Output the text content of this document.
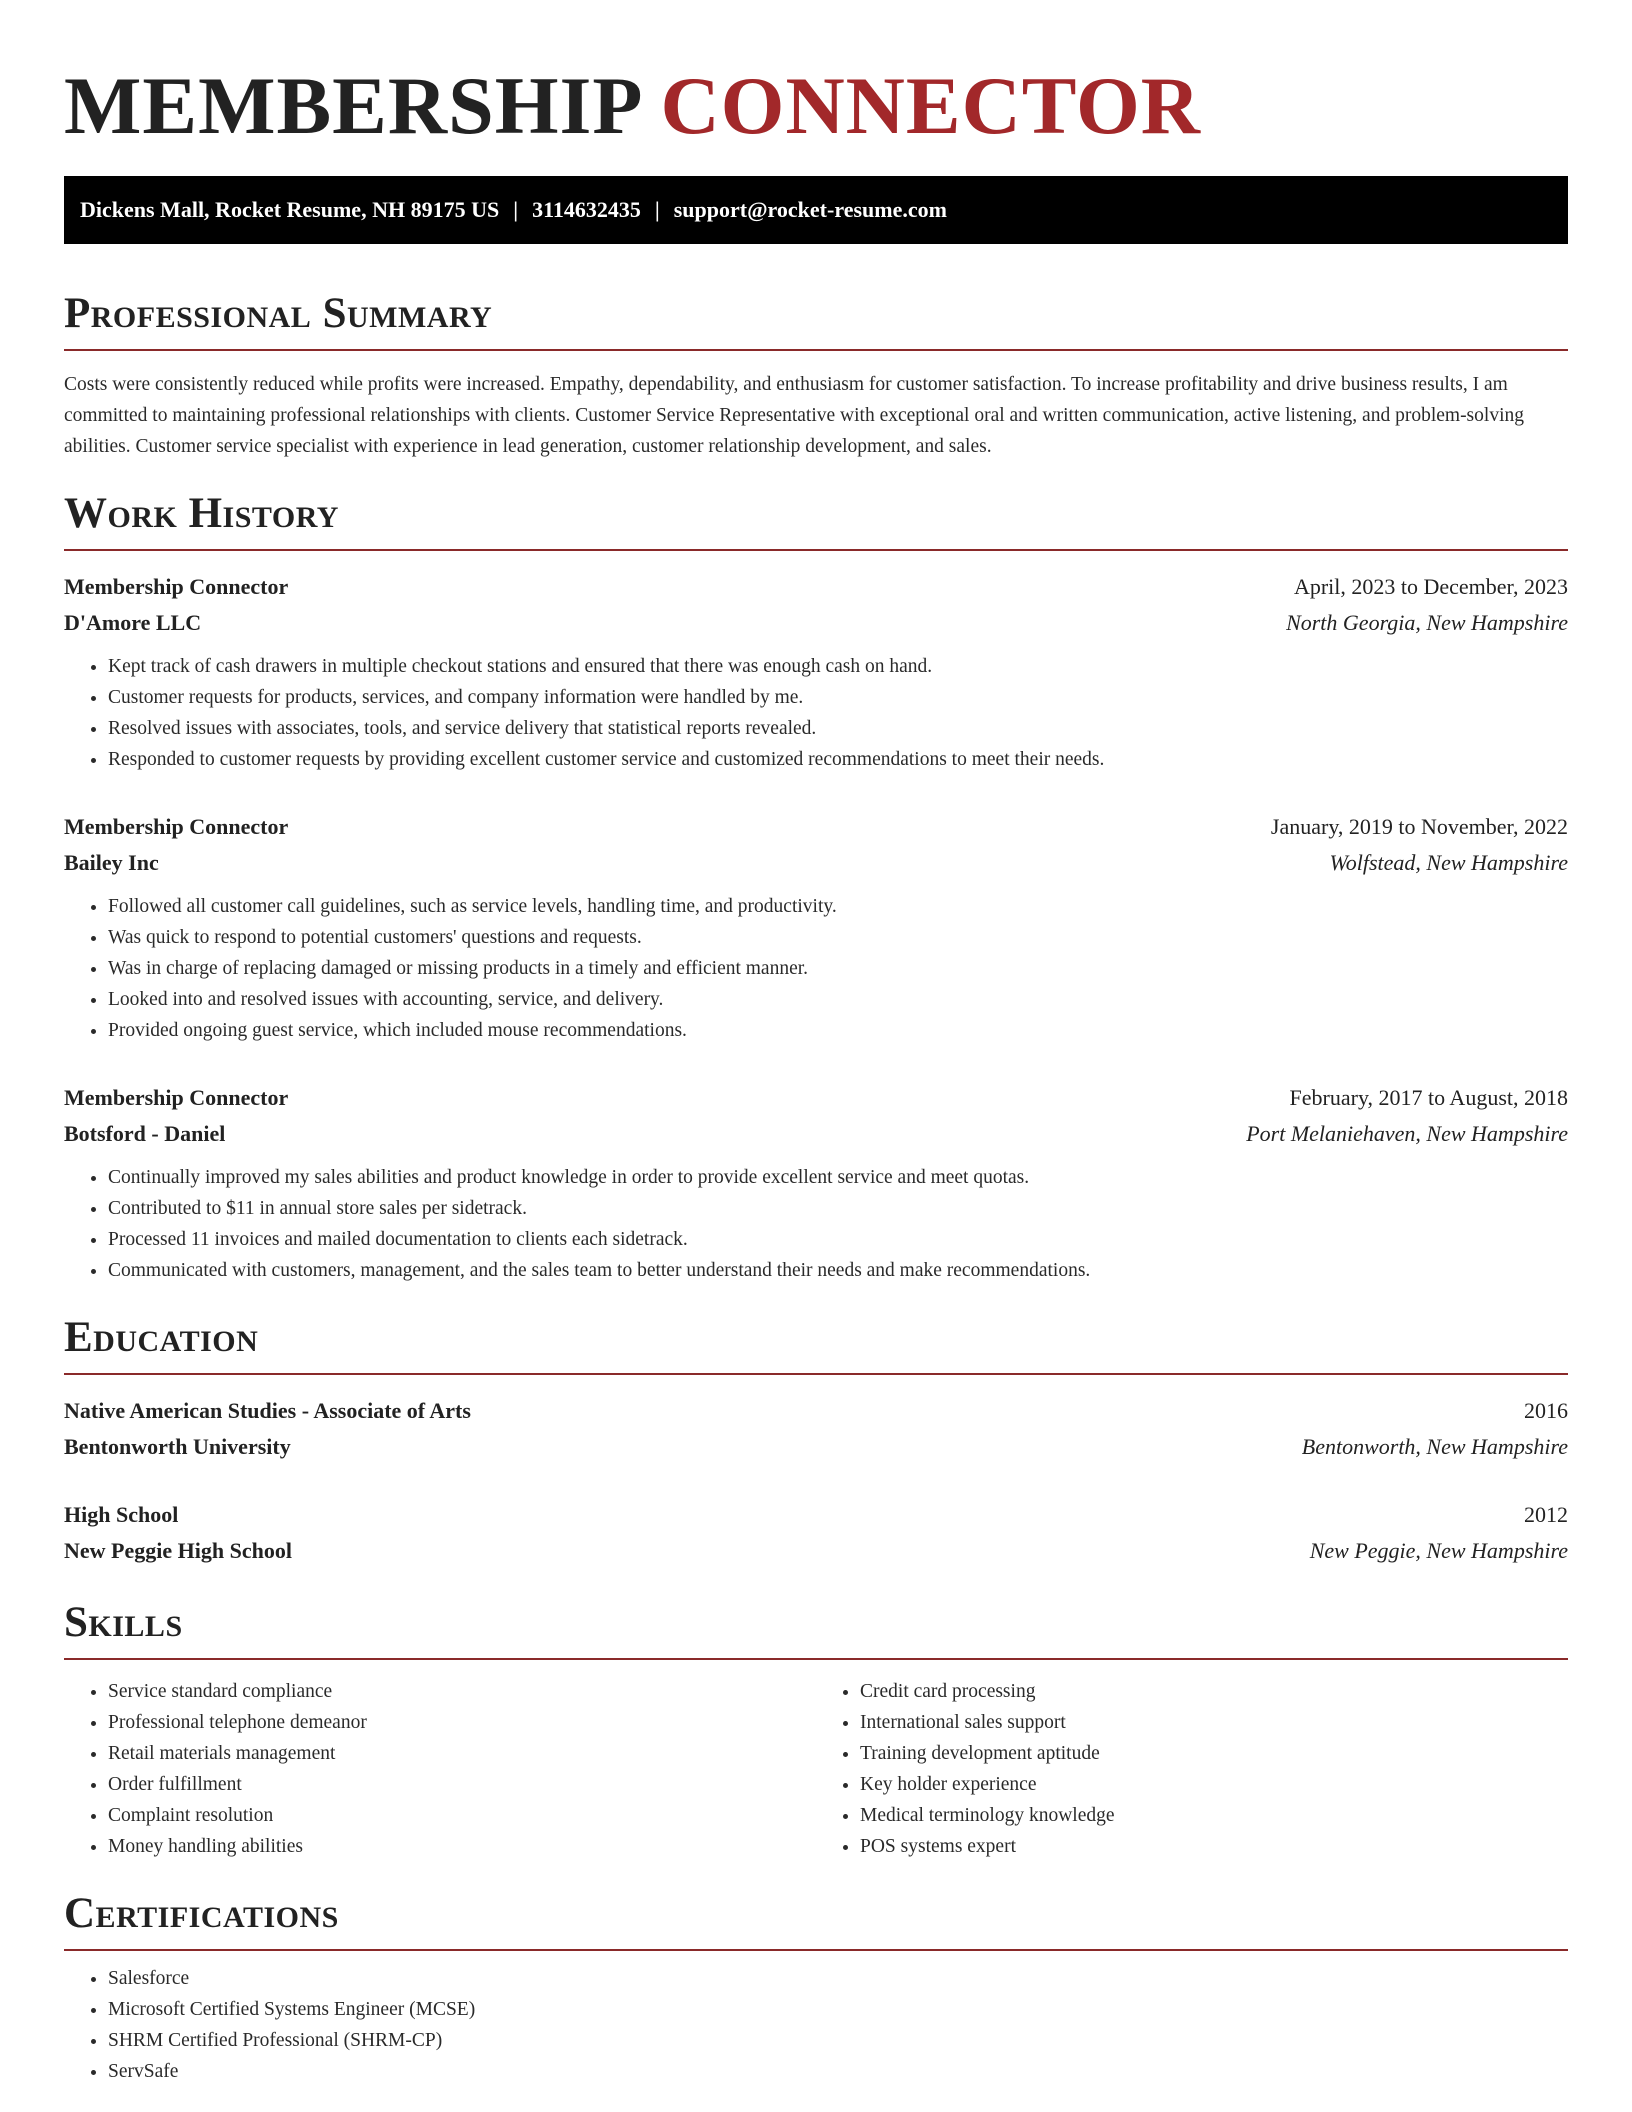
MEMBERSHIP CONNECTOR
Dickens Mall, Rocket Resume, NH 89175 US | 3114632435 | support@rocket-resume.com
Professional Summary

Costs were consistently reduced while profits were increased. Empathy, dependability, and enthusiasm for customer satisfaction. To increase profitability and drive business results, I am committed to maintaining professional relationships with clients. Customer Service Representative with exceptional oral and written communication, active listening, and problem-solving abilities. Customer service specialist with experience in lead generation, customer relationship development, and sales.

Work History
Membership Connector	April, 2023 to December, 2023
D'Amore LLC	North Georgia, New Hampshire
• Kept track of cash drawers in multiple checkout stations and ensured that there was enough cash on hand.
• Customer requests for products, services, and company information were handled by me.
• Resolved issues with associates, tools, and service delivery that statistical reports revealed.
• Responded to customer requests by providing excellent customer service and customized recommendations to meet their needs.
Membership Connector	January, 2019 to November, 2022
Bailey Inc	Wolfstead, New Hampshire
• Followed all customer call guidelines, such as service levels, handling time, and productivity.
• Was quick to respond to potential customers' questions and requests.
• Was in charge of replacing damaged or missing products in a timely and efficient manner.
• Looked into and resolved issues with accounting, service, and delivery.
• Provided ongoing guest service, which included mouse recommendations.
Membership Connector	February, 2017 to August, 2018
Botsford - Daniel	Port Melaniehaven, New Hampshire
• Continually improved my sales abilities and product knowledge in order to provide excellent service and meet quotas.
• Contributed to $11 in annual store sales per sidetrack.
• Processed 11 invoices and mailed documentation to clients each sidetrack.
• Communicated with customers, management, and the sales team to better understand their needs and make recommendations.
Education
Native American Studies - Associate of Arts	2016
Bentonworth University	Bentonworth, New Hampshire
High School	2012
New Peggie High School	New Peggie, New Hampshire
Skills
• Service standard compliance
• Professional telephone demeanor
• Retail materials management
• Order fulfillment
• Complaint resolution
• Money handling abilities
• Credit card processing
• International sales support
• Training development aptitude
• Key holder experience
• Medical terminology knowledge
• POS systems expert
Certifications
• Salesforce
• Microsoft Certified Systems Engineer (MCSE)
• SHRM Certified Professional (SHRM-CP)
• ServSafe
